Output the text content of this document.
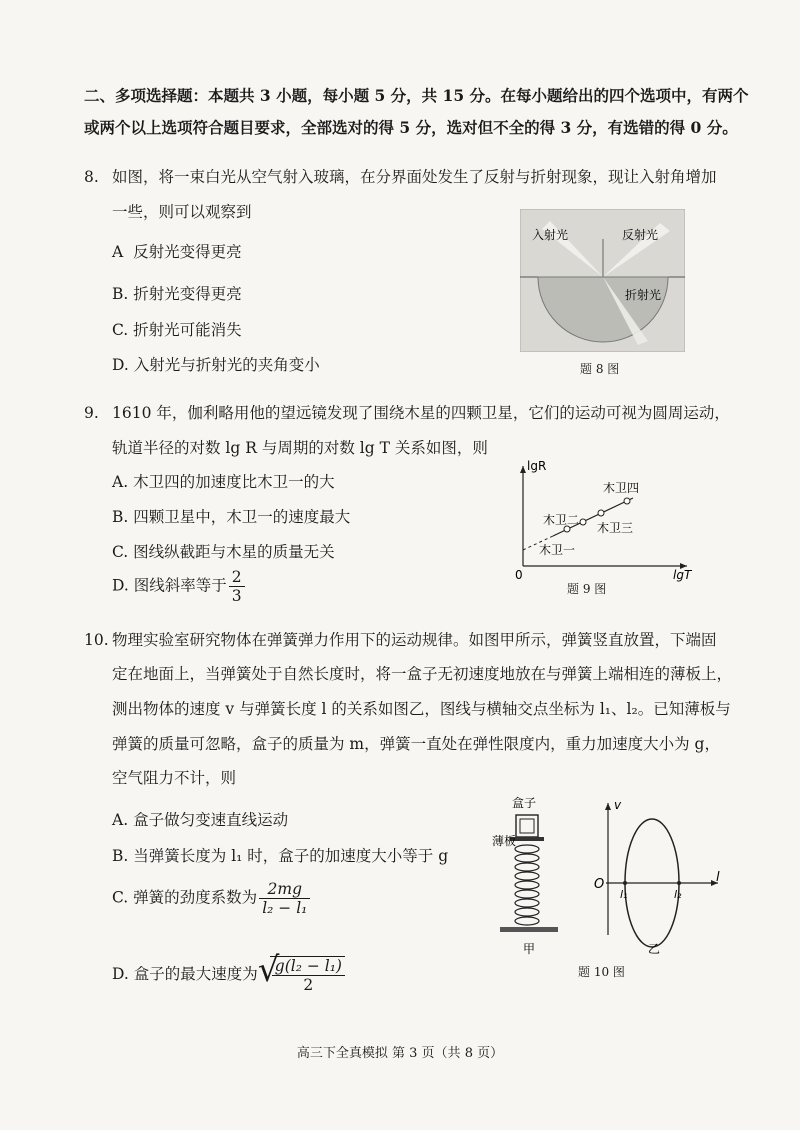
二、多项选择题：本题共 3 小题，每小题 5 分，共 15 分。在每小题给出的四个选项中，有两个
或两个以上选项符合题目要求，全部选对的得 5 分，选对但不全的得 3 分，有选错的得 0 分。
8. 如图，将一束白光从空气射入玻璃，在分界面处发生了反射与折射现象，现让入射角增加
一些，则可以观察到
A 反射光变得更亮
B. 折射光变得更亮
C. 折射光可能消失
D. 入射光与折射光的夹角变小
入射光	反射光
折射光
题 8 图
9. 1610 年，伽利略用他的望远镜发现了围绕木星的四颗卫星，它们的运动可视为圆周运动，
轨道半径的对数 lg R 与周期的对数 lg T 关系如图，则
A. 木卫四的加速度比木卫一的大
B. 四颗卫星中，木卫一的速度最大
C. 图线纵截距与木星的质量无关
D. 图线斜率等于 $\frac{2}{3}$
lgR
lgT
0
木卫一
木卫二
木卫三
木卫四
题 9 图
10. 物理实验室研究物体在弹簧弹力作用下的运动规律。如图甲所示，弹簧竖直放置，下端固
定在地面上，当弹簧处于自然长度时，将一盒子无初速度地放在与弹簧上端相连的薄板上，
测出物体的速度 v 与弹簧长度 l 的关系如图乙，图线与横轴交点坐标为 l₁、l₂。已知薄板与
弹簧的质量可忽略，盒子的质量为 m，弹簧一直处在弹性限度内，重力加速度大小为 g，
空气阻力不计，则
A. 盒子做匀变速直线运动
B. 当弹簧长度为 l₁ 时，盒子的加速度大小等于 g
C. 弹簧的劲度系数为 $\frac{2mg}{\text{l₂ − l₁}}$
D. 盒子的最大速度为 √
$\frac{\text{g(l₂ − l₁)}}{2}$
盒子
薄板
甲
v
l
O
l₁	l₂
乙
题 10 图
高三下全真模拟 第 3 页（共 8 页）
